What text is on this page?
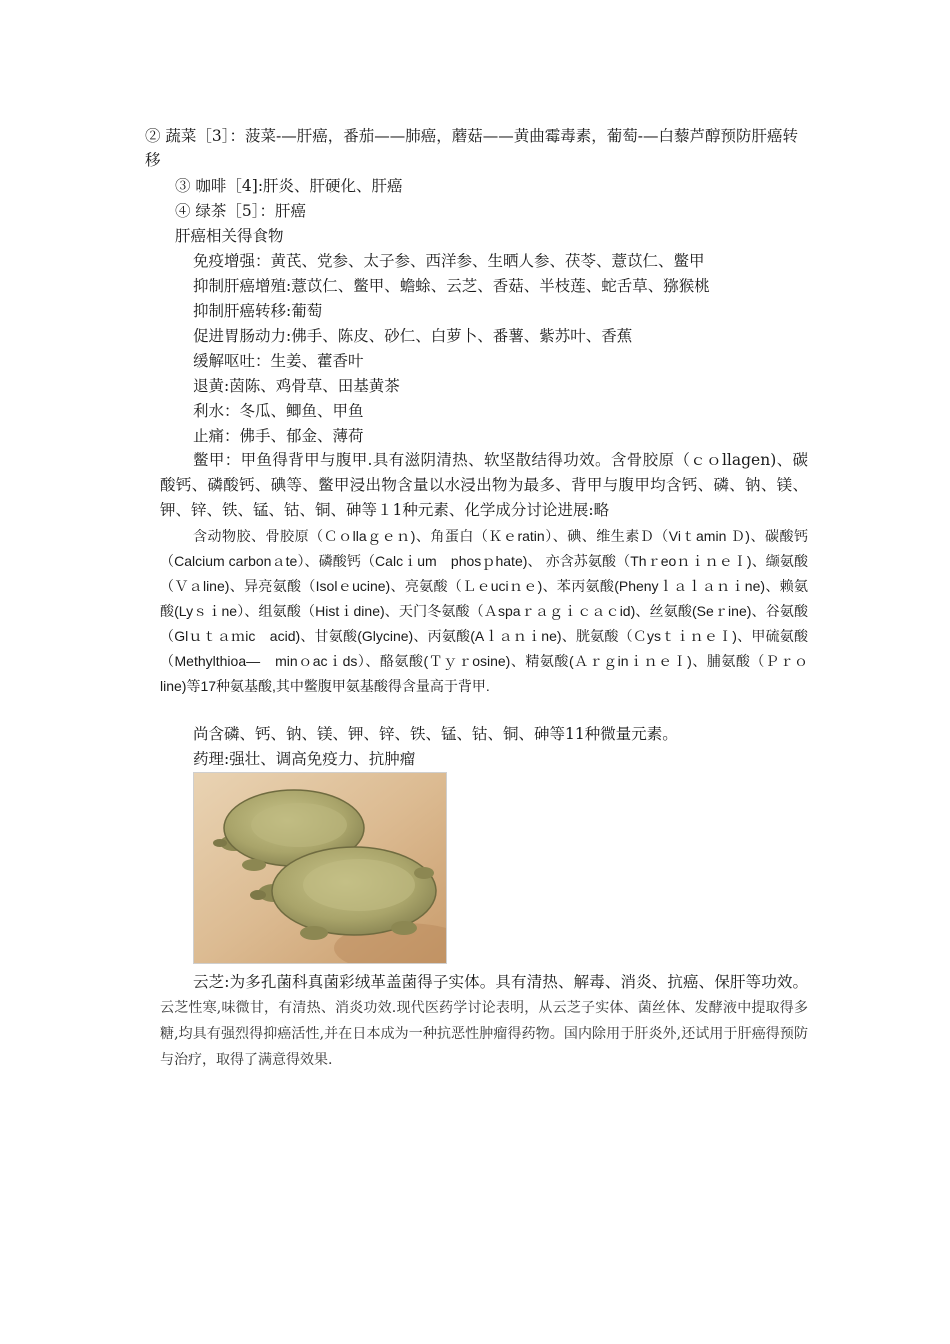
② 蔬菜［3］：菠菜-—肝癌，番茄——肺癌，蘑菇——黄曲霉毒素，葡萄-—白藜芦醇预防肝癌转移
③ 咖啡［4]:肝炎、肝硬化、肝癌
④ 绿茶［5］：肝癌
肝癌相关得食物
免疫增强：黄芪、党参、太子参、西洋参、生晒人参、茯苓、薏苡仁、鳖甲
抑制肝癌增殖:薏苡仁、鳖甲、蟾蜍、云芝、香菇、半枝莲、蛇舌草、猕猴桃
抑制肝癌转移:葡萄
促进胃肠动力:佛手、陈皮、砂仁、白萝卜、番薯、紫苏叶、香蕉
缓解呕吐：生姜、藿香叶
退黄:茵陈、鸡骨草、田基黄茶
利水：冬瓜、鲫鱼、甲鱼
止痛：佛手、郁金、薄荷
鳖甲：甲鱼得背甲与腹甲.具有滋阴清热、软坚散结得功效。含骨胶原（ｃｏllagen)、碳酸钙、磷酸钙、碘等、鳖甲浸出物含量以水浸出物为最多、背甲与腹甲均含钙、磷、钠、镁、钾、锌、铁、锰、钴、铜、砷等１1种元素、化学成分讨论进展:略
含动物胶、骨胶原（Ｃｏllaｇｅｎ)、角蛋白（Ｋｅratin）、碘、维生素Ｄ（Viｔamin Ｄ)、碳酸钙（Calcium carbonａte）、磷酸钙（Calcｉum　phosｐhate)、 亦含苏氨酸（ThｒeoｎｉｎｅＩ)、缬氨酸（Ｖａline)、异亮氨酸（Isolｅucine)、亮氨酸（Ｌｅuciｎｅ)、苯丙氨酸(Phenyｌａｌａｎｉne)、赖氨酸(Lyｓｉne）、组氨酸（Histｉdine)、天门冬氨酸（Ａspaｒａｇｉｃａｃid)、丝氨酸(Seｒine)、谷氨酸（Glｕｔａｍic　acid)、甘氨酸(Glycine)、丙氨酸(Aｌａｎｉne)、胱氨酸（ＣysｔｉｎｅＩ)、甲硫氨酸（Methylthioa—　minｏacｉds）、酪氨酸(Ｔｙｒosine)、精氨酸(ＡｒｇinｉｎｅＩ)、脯氨酸（Ｐｒｏline)等17种氨基酸,其中鳖腹甲氨基酸得含量高于背甲.
尚含磷、钙、钠、镁、钾、锌、铁、锰、钴、铜、砷等11种微量元素。
药理:强壮、调高免疫力、抗肿瘤
云芝:为多孔菌科真菌彩绒革盖菌得子实体。具有清热、解毒、消炎、抗癌、保肝等功效。云芝性寒,味微甘，有清热、消炎功效.现代医药学讨论表明，从云芝子实体、菌丝体、发酵液中提取得多糖,均具有强烈得抑癌活性,并在日本成为一种抗恶性肿瘤得药物。国内除用于肝炎外,还试用于肝癌得预防与治疗，取得了满意得效果.
